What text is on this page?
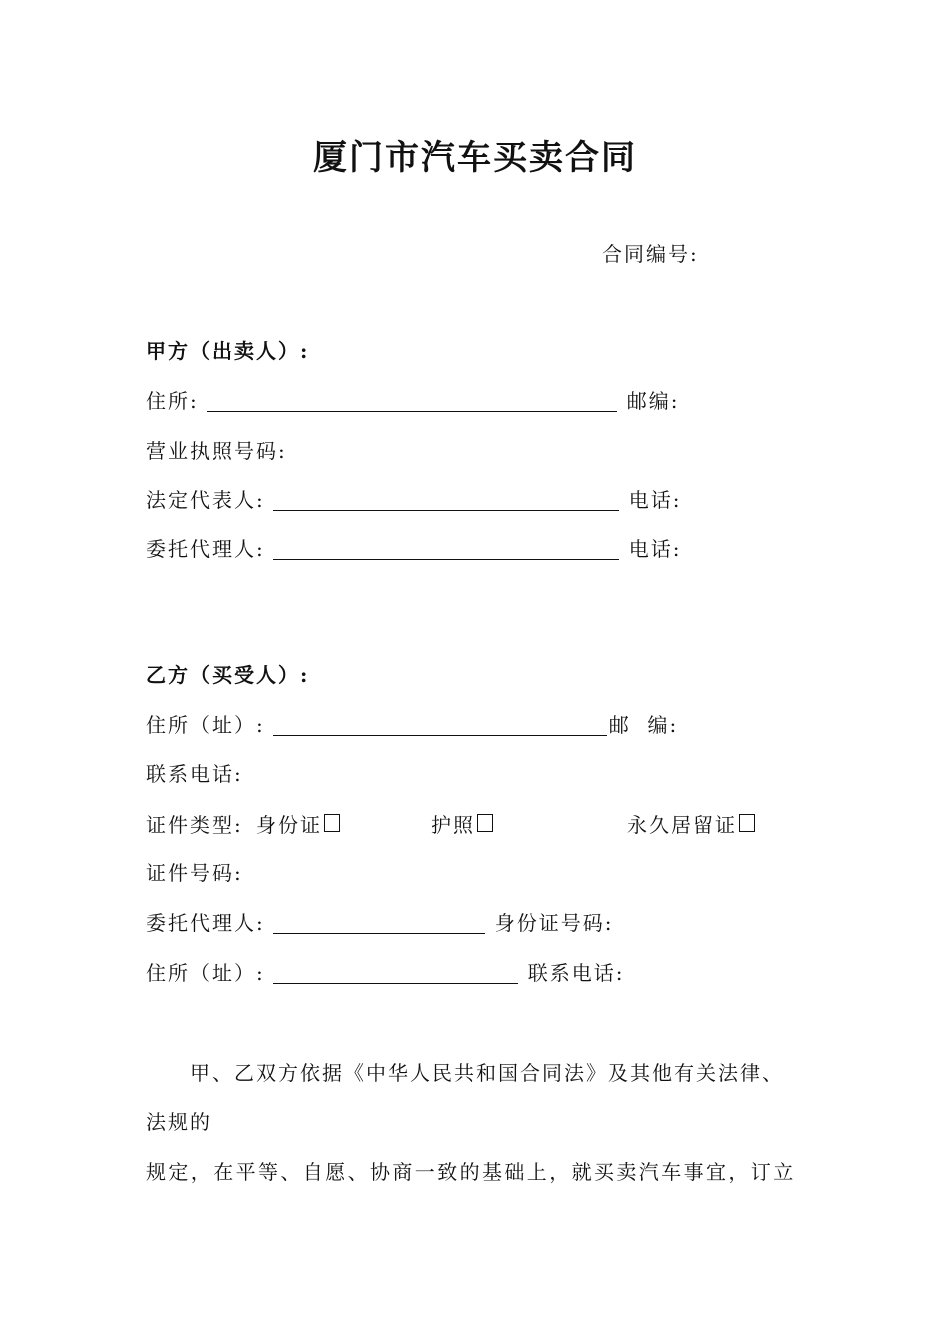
厦门市汽车买卖合同
合同编号:
甲方（出卖人）:
住所:	邮编:
营业执照号码:
法定代表人:	电话:
委托代理人:	电话:
乙方（买受人）:
住所（址）:	邮  编:
联系电话:
证件类型: 身份证	护照	永久居留证
证件号码:
委托代理人:	身份证号码:
住所（址）:	联系电话:
甲、乙双方依据《中华人民共和国合同法》及其他有关法律、
法规的
规定，在平等、自愿、协商一致的基础上，就买卖汽车事宜，订立
